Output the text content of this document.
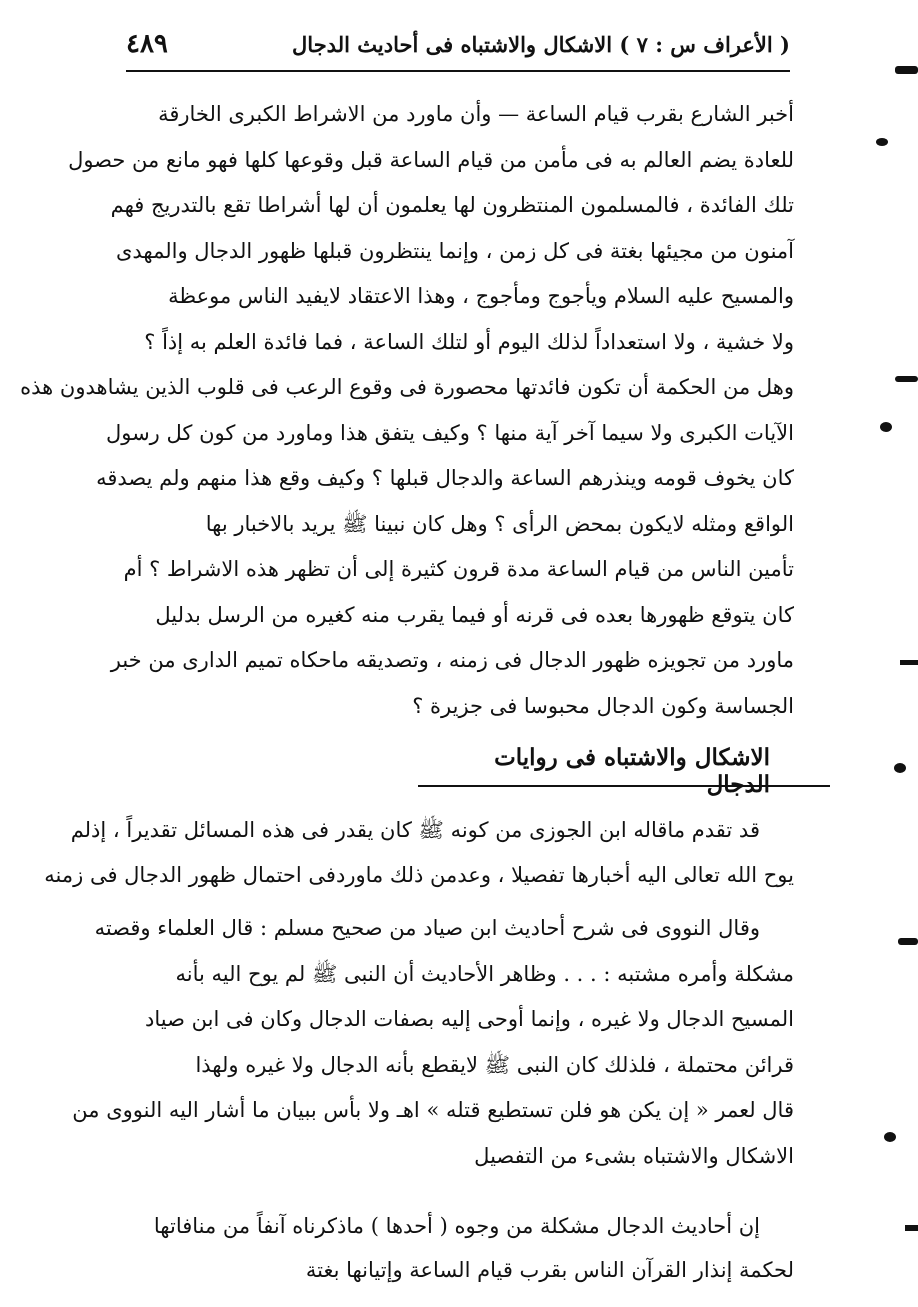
( الأعراف س : ٧ ) الاشكال والاشتباه فى أحاديث الدجال
٤٨٩
أخبر الشارع بقرب قيام الساعة — وأن ماورد من الاشراط الكبرى الخارقة
للعادة يضم العالم به فى مأمن من قيام الساعة قبل وقوعها كلها فهو مانع من حصول
تلك الفائدة ، فالمسلمون المنتظرون لها يعلمون أن لها أشراطا تقع بالتدريج فهم
آمنون من مجيئها بغتة فى كل زمن ، وإنما ينتظرون قبلها ظهور الدجال والمهدى
والمسيح عليه السلام ويأجوج ومأجوج ، وهذا الاعتقاد لايفيد الناس موعظة
ولا خشية ، ولا استعداداً لذلك اليوم أو لتلك الساعة ، فما فائدة العلم به إذاً ؟
وهل من الحكمة أن تكون فائدتها محصورة فى وقوع الرعب فى قلوب الذين يشاهدون هذه
الآيات الكبرى ولا سيما آخر آية منها ؟ وكيف يتفق هذا وماورد من كون كل رسول
كان يخوف قومه وينذرهم الساعة والدجال قبلها ؟ وكيف وقع هذا منهم ولم يصدقه
الواقع ومثله لايكون بمحض الرأى ؟ وهل كان نبينا ﷺ يريد بالاخبار بها
تأمين الناس من قيام الساعة مدة قرون كثيرة إلى أن تظهر هذه الاشراط ؟ أم
كان يتوقع ظهورها بعده فى قرنه أو فيما يقرب منه كغيره من الرسل بدليل
ماورد من تجويزه ظهور الدجال فى زمنه ، وتصديقه ماحكاه تميم الدارى من خبر
الجساسة وكون الدجال محبوسا فى جزيرة ؟
الاشكال والاشتباه فى روايات الدجال
قد تقدم ماقاله ابن الجوزى من كونه ﷺ كان يقدر فى هذه المسائل تقديراً ، إذلم
يوح الله تعالى اليه أخبارها تفصيلا ، وعدمن ذلك ماوردفى احتمال ظهور الدجال فى زمنه
وقال النووى فى شرح أحاديث ابن صياد من صحيح مسلم : قال العلماء وقصته
مشكلة وأمره مشتبه : . . . وظاهر الأحاديث أن النبى ﷺ لم يوح اليه بأنه
المسيح الدجال ولا غيره ، وإنما أوحى إليه بصفات الدجال وكان فى ابن صياد
قرائن محتملة ، فلذلك كان النبى ﷺ لايقطع بأنه الدجال ولا غيره ولهذا
قال لعمر « إن يكن هو فلن تستطيع قتله » اهـ ولا بأس ببيان ما أشار اليه النووى من
الاشكال والاشتباه بشىء من التفصيل
إن أحاديث الدجال مشكلة من وجوه ( أحدها ) ماذكرناه آنفاً من منافاتها
لحكمة إنذار القرآن الناس بقرب قيام الساعة وإتيانها بغتة
